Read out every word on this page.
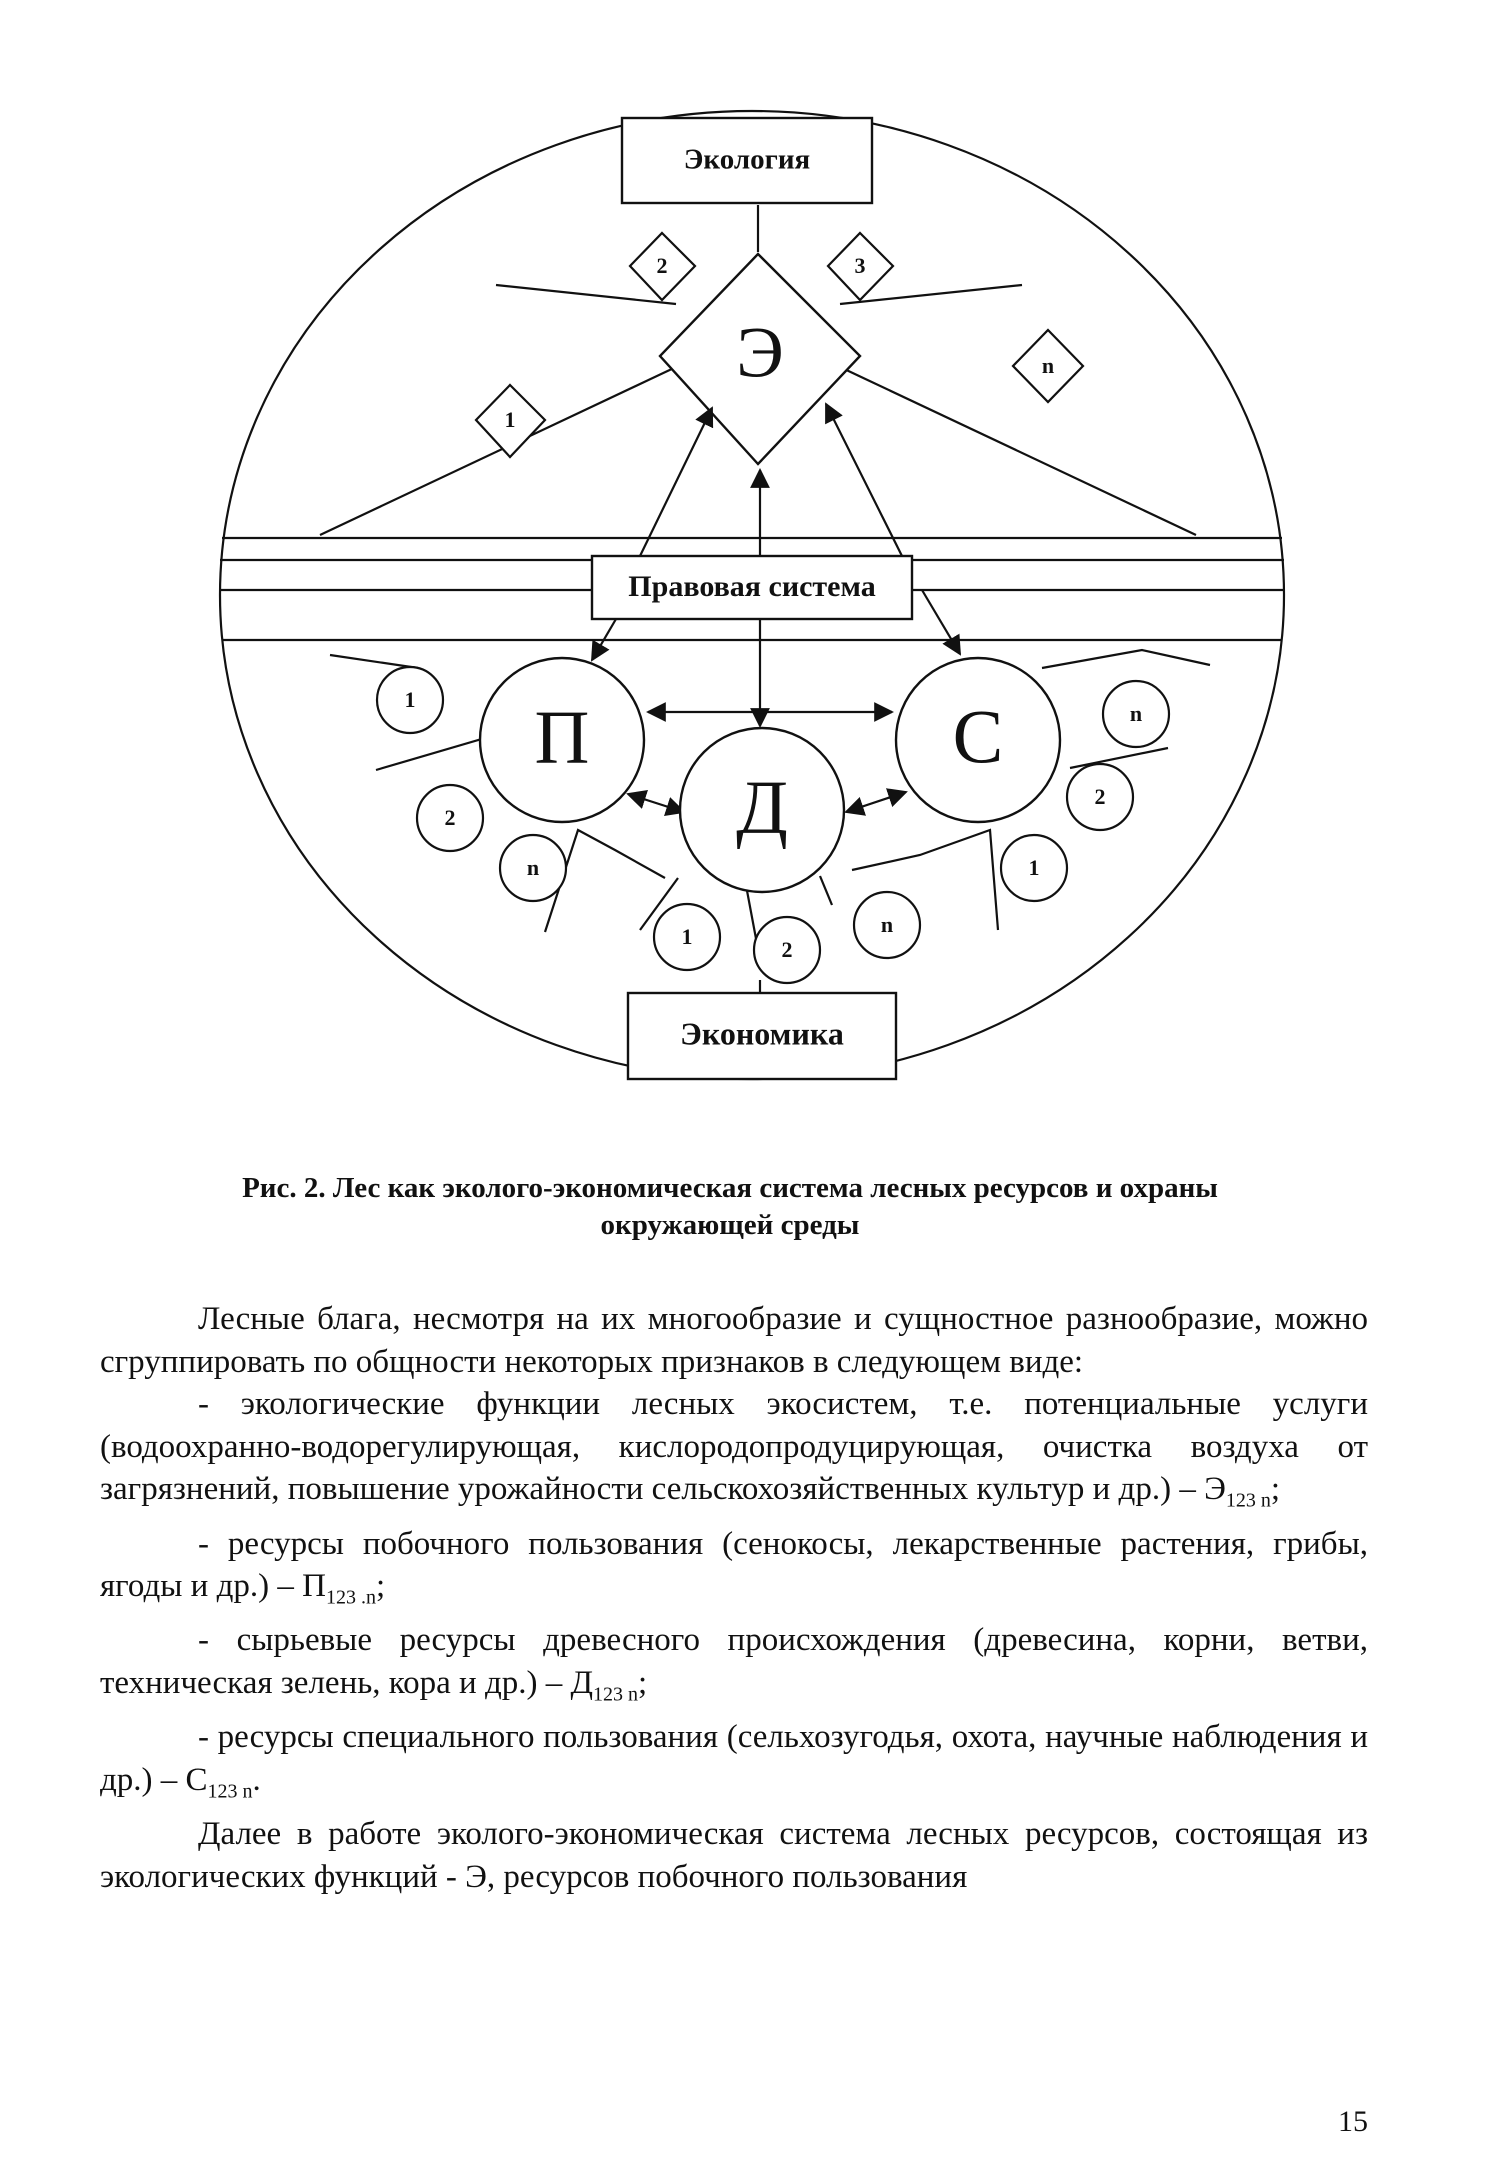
Экология
Экономика
Правовая система
Э
1
2	3
n
П
Д
С
1
2
n
1
2
n
n
2
1
Рис. 2. Лес как эколого-экономическая система лесных ресурсов и охраны
окружающей среды

Лесные блага, несмотря на их многообразие и сущностное разнообразие, можно сгруппировать по общности некоторых признаков в следующем виде:

- экологические функции лесных экосистем, т.е. потенциальные услуги (водоохранно-водорегулирующая, кислородопродуцирующая, очистка воздуха от загрязнений, повышение урожайности сельскохозяйственных культур и $др.) - Э_{123 n}$;

- ресурсы побочного пользования (сенокосы, лекарственные растения, грибы, ягоды и $др.) - П_{123 .n}$;

- сырьевые ресурсы древесного происхождения (древесина, корни, ветви, техническая зелень, кора и $др.) - Д_{123 n}$;

- ресурсы специального пользования (сельхозугодья, охота, научные наблюдения и $др.) - С_{123 n}$.

Далее в работе эколого-экономическая система лесных ресурсов, состоящая из экологических функций - Э, ресурсов побочного пользования

15
